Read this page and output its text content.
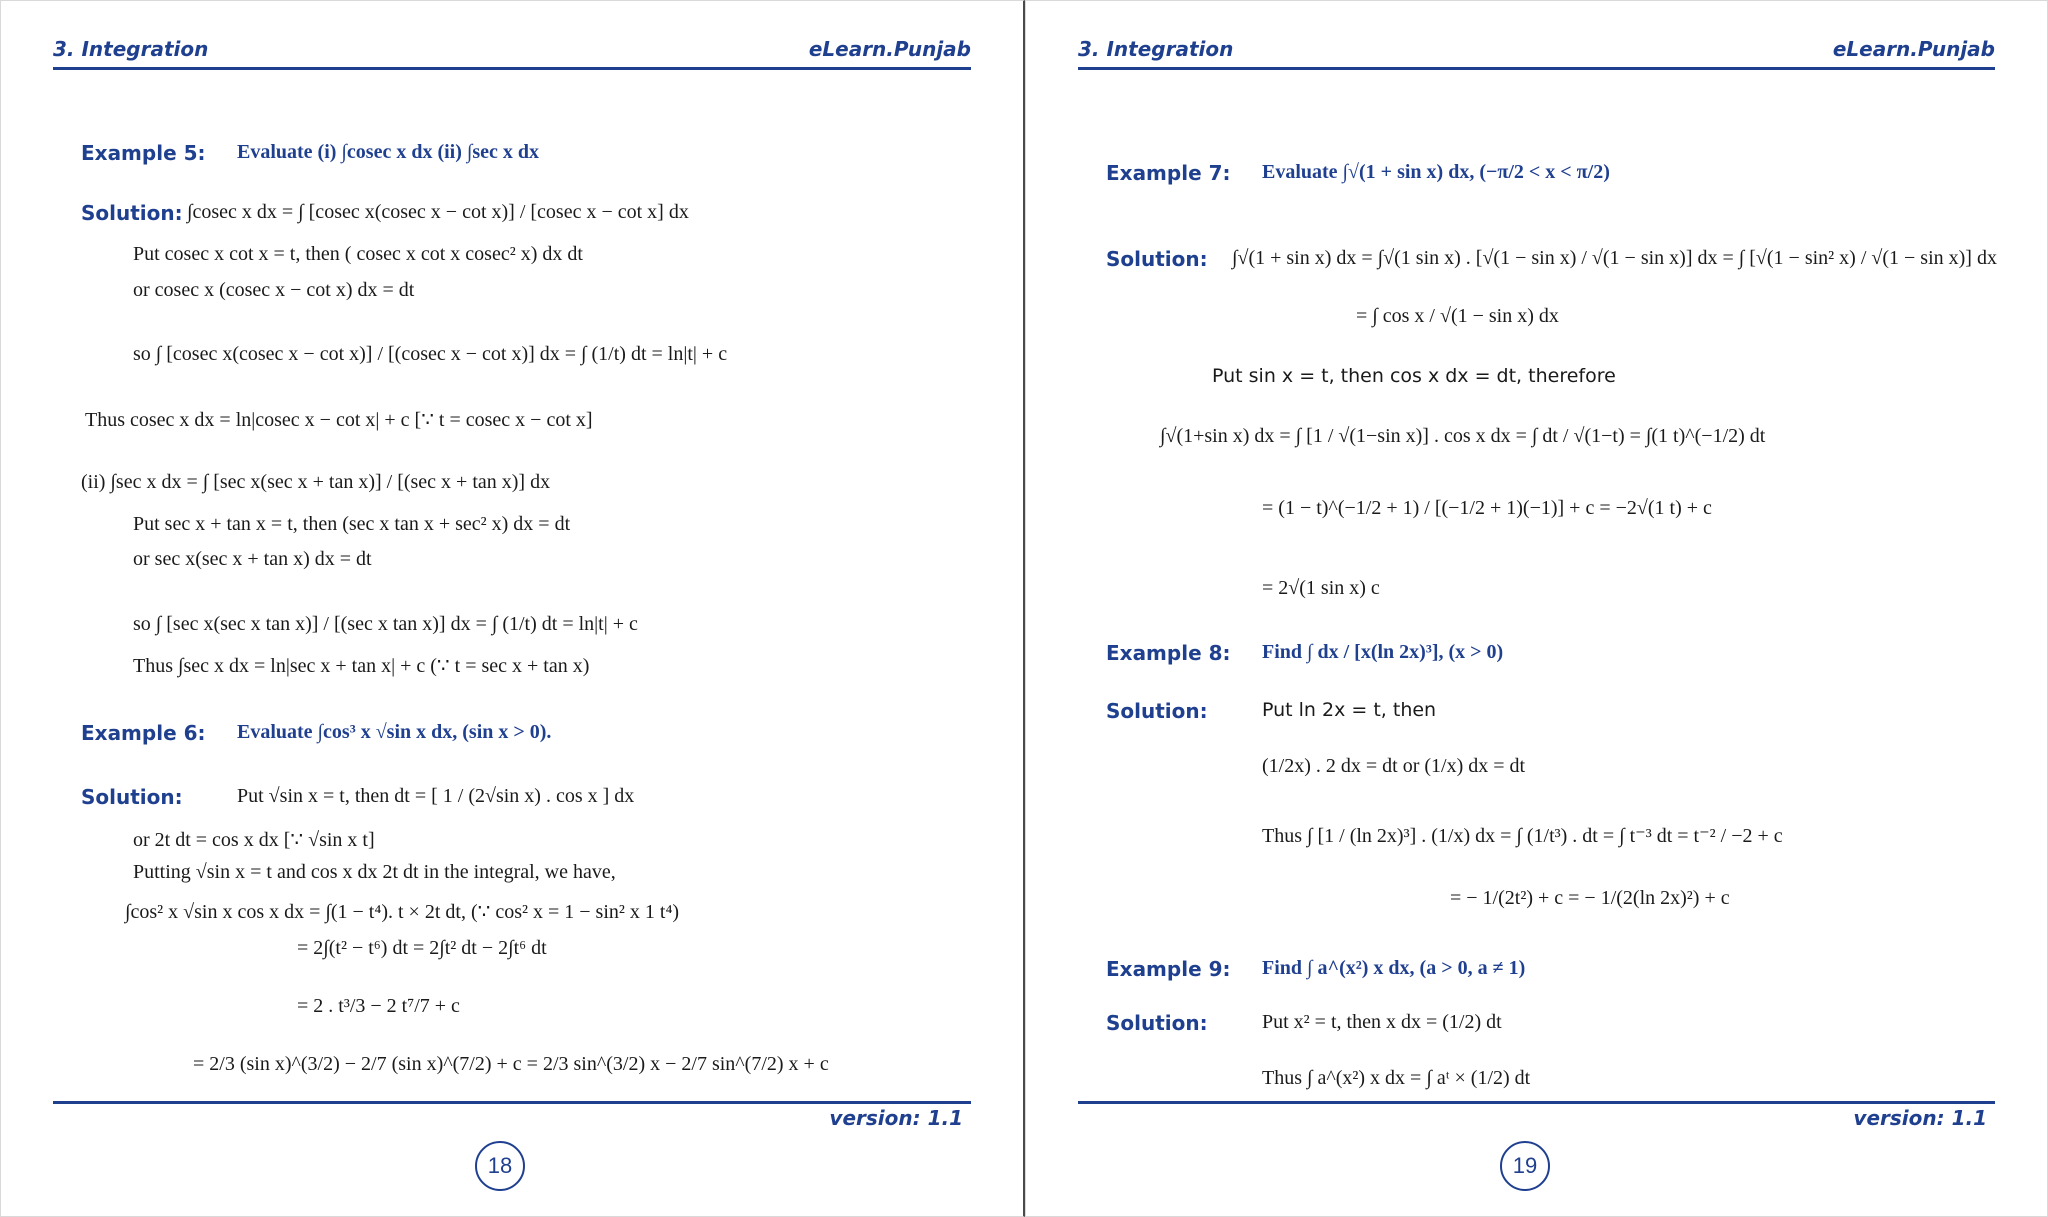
3. Integration	eLearn.Punjab
Example 5: Evaluate (i) ∫cosec x dx (ii) ∫sec x dx
Solution: ∫cosec x dx = ∫ [cosec x(cosec x − cot x)] / [cosec x − cot x] dx
Put cosec x cot x = t, then ( cosec x cot x cosec² x) dx dt
or cosec x (cosec x − cot x) dx = dt
so ∫ [cosec x(cosec x − cot x)] / [(cosec x − cot x)] dx = ∫ (1/t) dt = ln|t| + c
Thus cosec x dx = ln|cosec x − cot x| + c [∵ t = cosec x − cot x]
(ii) ∫sec x dx = ∫ [sec x(sec x + tan x)] / [(sec x + tan x)] dx
Put sec x + tan x = t, then (sec x tan x + sec² x) dx = dt
or sec x(sec x + tan x) dx = dt
so ∫ [sec x(sec x tan x)] / [(sec x tan x)] dx = ∫ (1/t) dt = ln|t| + c
Thus ∫sec x dx = ln|sec x + tan x| + c (∵ t = sec x + tan x)
Example 6: Evaluate ∫cos³ x √sin x dx, (sin x > 0).
Solution:	Put √sin x = t, then dt = [ 1 / (2√sin x) . cos x ] dx
or 2t dt = cos x dx [∵ √sin x t]
Putting √sin x = t and cos x dx 2t dt in the integral, we have,
∫cos² x √sin x cos x dx = ∫(1 − t⁴). t × 2t dt, (∵ cos² x = 1 − sin² x 1 t⁴)
= 2∫(t² − t⁶) dt = 2∫t² dt − 2∫t⁶ dt
= 2 . t³/3 − 2 t⁷/7 + c
= 2/3 (sin x)^(3/2) − 2/7 (sin x)^(7/2) + c = 2/3 sin^(3/2) x − 2/7 sin^(7/2) x + c
version: 1.1
18
3. Integration	eLearn.Punjab
Example 7: Evaluate ∫√(1 + sin x) dx, (−π/2 < x < π/2)
Solution: ∫√(1 + sin x) dx = ∫√(1 sin x) . [√(1 − sin x) / √(1 − sin x)] dx = ∫ [√(1 − sin² x) / √(1 − sin x)] dx
= ∫ cos x / √(1 − sin x) dx
Put sin x = t, then cos x dx = dt, therefore
∫√(1+sin x) dx = ∫ [1 / √(1−sin x)] . cos x dx = ∫ dt / √(1−t) = ∫(1 t)^(−1/2) dt
= (1 − t)^(−1/2 + 1) / [(−1/2 + 1)(−1)] + c = −2√(1 t) + c
= 2√(1 sin x) c
Example 8: Find ∫ dx / [x(ln 2x)³], (x > 0)
Solution:	Put ln 2x = t, then
(1/2x) . 2 dx = dt or (1/x) dx = dt
Thus ∫ [1 / (ln 2x)³] . (1/x) dx = ∫ (1/t³) . dt = ∫ t⁻³ dt = t⁻² / −2 + c
= − 1/(2t²) + c = − 1/(2(ln 2x)²) + c
Example 9: Find ∫ a^(x²) x dx, (a > 0, a ≠ 1)
Solution:	Put x² = t, then x dx = (1/2) dt
Thus ∫ a^(x²) x dx = ∫ aᵗ × (1/2) dt
version: 1.1
19
